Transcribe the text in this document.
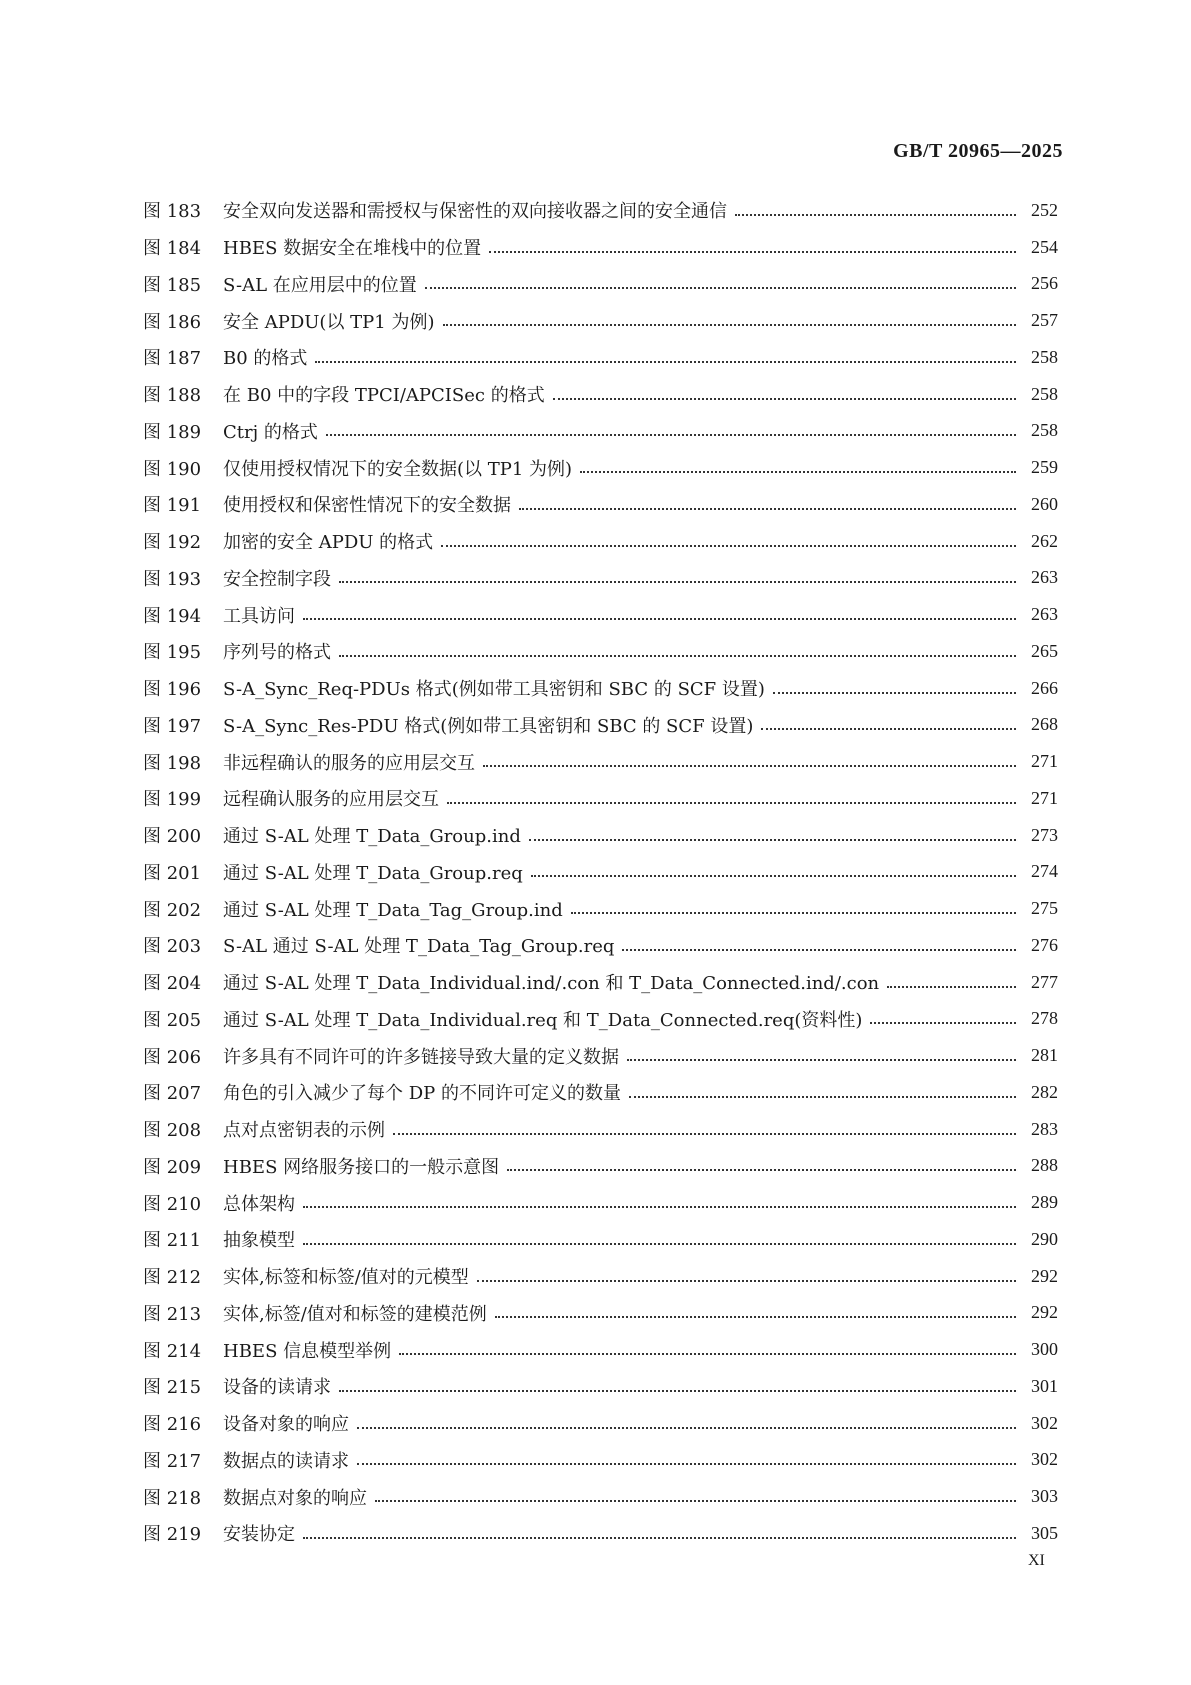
GB/T 20965—2025
图 183	安全双向发送器和需授权与保密性的双向接收器之间的安全通信	252
图 184	HBES 数据安全在堆栈中的位置	254
图 185	S-AL 在应用层中的位置	256
图 186	安全 APDU(以 TP1 为例)	257
图 187	B0 的格式	258
图 188	在 B0 中的字段 TPCI/APCISec 的格式	258
图 189	Ctrj 的格式	258
图 190	仅使用授权情况下的安全数据(以 TP1 为例)	259
图 191	使用授权和保密性情况下的安全数据	260
图 192	加密的安全 APDU 的格式	262
图 193	安全控制字段	263
图 194	工具访问	263
图 195	序列号的格式	265
图 196	S-A_Sync_Req-PDUs 格式(例如带工具密钥和 SBC 的 SCF 设置)	266
图 197	S-A_Sync_Res-PDU 格式(例如带工具密钥和 SBC 的 SCF 设置)	268
图 198	非远程确认的服务的应用层交互	271
图 199	远程确认服务的应用层交互	271
图 200	通过 S-AL 处理 T_Data_Group.ind	273
图 201	通过 S-AL 处理 T_Data_Group.req	274
图 202	通过 S-AL 处理 T_Data_Tag_Group.ind	275
图 203	S-AL 通过 S-AL 处理 T_Data_Tag_Group.req	276
图 204	通过 S-AL 处理 T_Data_Individual.ind/.con 和 T_Data_Connected.ind/.con	277
图 205	通过 S-AL 处理 T_Data_Individual.req 和 T_Data_Connected.req(资料性)	278
图 206	许多具有不同许可的许多链接导致大量的定义数据	281
图 207	角色的引入减少了每个 DP 的不同许可定义的数量	282
图 208	点对点密钥表的示例	283
图 209	HBES 网络服务接口的一般示意图	288
图 210	总体架构	289
图 211	抽象模型	290
图 212	实体,标签和标签/值对的元模型	292
图 213	实体,标签/值对和标签的建模范例	292
图 214	HBES 信息模型举例	300
图 215	设备的读请求	301
图 216	设备对象的响应	302
图 217	数据点的读请求	302
图 218	数据点对象的响应	303
图 219	安装协定	305
XI
